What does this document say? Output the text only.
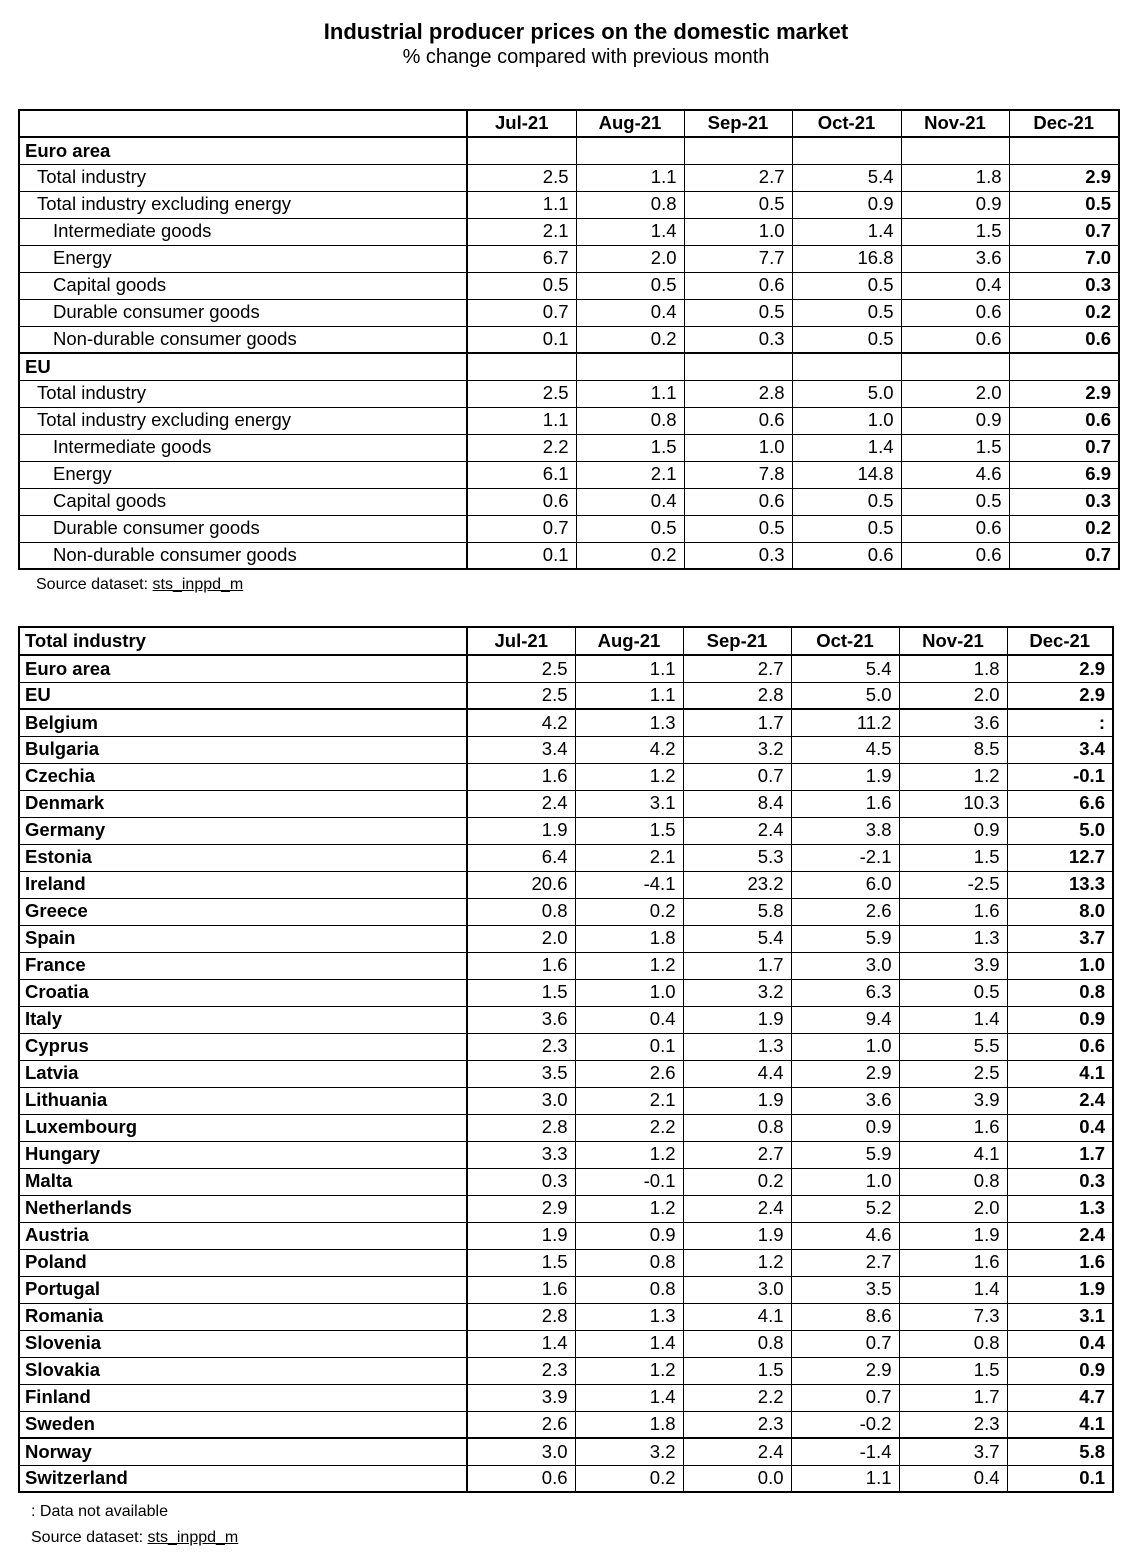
Industrial producer prices on the domestic market
% change compared with previous month
	Jul-21	Aug-21	Sep-21	Oct-21	Nov-21	Dec-21
Euro area						
Total industry	2.5	1.1	2.7	5.4	1.8	2.9
Total industry excluding energy	1.1	0.8	0.5	0.9	0.9	0.5
Intermediate goods	2.1	1.4	1.0	1.4	1.5	0.7
Energy	6.7	2.0	7.7	16.8	3.6	7.0
Capital goods	0.5	0.5	0.6	0.5	0.4	0.3
Durable consumer goods	0.7	0.4	0.5	0.5	0.6	0.2
Non-durable consumer goods	0.1	0.2	0.3	0.5	0.6	0.6
EU						
Total industry	2.5	1.1	2.8	5.0	2.0	2.9
Total industry excluding energy	1.1	0.8	0.6	1.0	0.9	0.6
Intermediate goods	2.2	1.5	1.0	1.4	1.5	0.7
Energy	6.1	2.1	7.8	14.8	4.6	6.9
Capital goods	0.6	0.4	0.6	0.5	0.5	0.3
Durable consumer goods	0.7	0.5	0.5	0.5	0.6	0.2
Non-durable consumer goods	0.1	0.2	0.3	0.6	0.6	0.7
Source dataset: sts_inppd_m
Total industry	Jul-21	Aug-21	Sep-21	Oct-21	Nov-21	Dec-21
Euro area	2.5	1.1	2.7	5.4	1.8	2.9
EU	2.5	1.1	2.8	5.0	2.0	2.9
Belgium	4.2	1.3	1.7	11.2	3.6	:
Bulgaria	3.4	4.2	3.2	4.5	8.5	3.4
Czechia	1.6	1.2	0.7	1.9	1.2	-0.1
Denmark	2.4	3.1	8.4	1.6	10.3	6.6
Germany	1.9	1.5	2.4	3.8	0.9	5.0
Estonia	6.4	2.1	5.3	-2.1	1.5	12.7
Ireland	20.6	-4.1	23.2	6.0	-2.5	13.3
Greece	0.8	0.2	5.8	2.6	1.6	8.0
Spain	2.0	1.8	5.4	5.9	1.3	3.7
France	1.6	1.2	1.7	3.0	3.9	1.0
Croatia	1.5	1.0	3.2	6.3	0.5	0.8
Italy	3.6	0.4	1.9	9.4	1.4	0.9
Cyprus	2.3	0.1	1.3	1.0	5.5	0.6
Latvia	3.5	2.6	4.4	2.9	2.5	4.1
Lithuania	3.0	2.1	1.9	3.6	3.9	2.4
Luxembourg	2.8	2.2	0.8	0.9	1.6	0.4
Hungary	3.3	1.2	2.7	5.9	4.1	1.7
Malta	0.3	-0.1	0.2	1.0	0.8	0.3
Netherlands	2.9	1.2	2.4	5.2	2.0	1.3
Austria	1.9	0.9	1.9	4.6	1.9	2.4
Poland	1.5	0.8	1.2	2.7	1.6	1.6
Portugal	1.6	0.8	3.0	3.5	1.4	1.9
Romania	2.8	1.3	4.1	8.6	7.3	3.1
Slovenia	1.4	1.4	0.8	0.7	0.8	0.4
Slovakia	2.3	1.2	1.5	2.9	1.5	0.9
Finland	3.9	1.4	2.2	0.7	1.7	4.7
Sweden	2.6	1.8	2.3	-0.2	2.3	4.1
Norway	3.0	3.2	2.4	-1.4	3.7	5.8
Switzerland	0.6	0.2	0.0	1.1	0.4	0.1
: Data not available
Source dataset: sts_inppd_m
